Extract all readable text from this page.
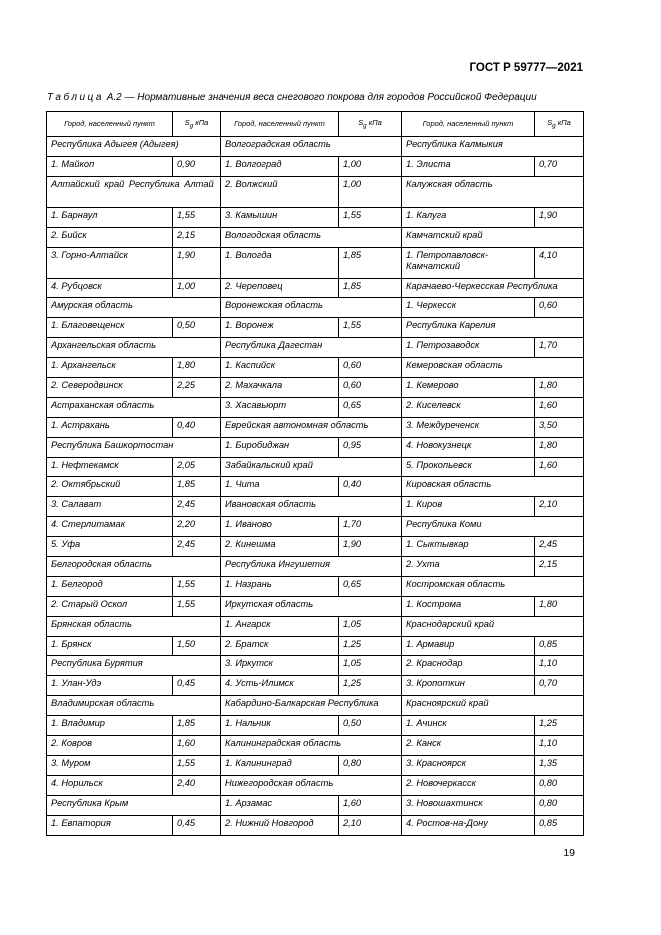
ГОСТ Р 59777—2021
Таблица А.2 — Нормативные значения веса снегового покрова для городов Российской Федерации
Город, населенный пункт	$S_g$ кПа	Город, населенный пункт	$S_g$ кПа	Город, населенный пункт	$S_g$ кПа
Республика Адыгея (Адыгея)		Волгоградская область		Республика Калмыкия	
1. Майкоп	0,90	1. Волгоград	1,00	1. Элиста	0,70
Алтайский край Республика Алтай		2. Волжский	1,00	Калужская область	
1. Барнаул	1,55	3. Камышин	1,55	1. Калуга	1,90
2. Бийск	2,15	Вологодская область		Камчатский край	
3. Горно-Алтайск	1,90	1. Вологда	1,85	1. Петропавловск-Камчатский	4,10
4. Рубцовск	1,00	2. Череповец	1,85	Карачаево-Черкесская Республика	
Амурская область		Воронежская область		1. Черкесск	0,60
1. Благовещенск	0,50	1. Воронеж	1,55	Республика Карелия	
Архангельская область		Республика Дагестан		1. Петрозаводск	1,70
1. Архангельск	1,80	1. Каспийск	0,60	Кемеровская область	
2. Северодвинск	2,25	2. Махачкала	0,60	1. Кемерово	1,80
Астраханская область		3. Хасавьюрт	0,65	2. Киселевск	1,60
1. Астрахань	0,40	Еврейская автономная область		3. Междуреченск	3,50
Республика Башкортостан		1. Биробиджан	0,95	4. Новокузнецк	1,80
1. Нефтекамск	2,05	Забайкальский край		5. Прокопьевск	1,60
2. Октябрьский	1,85	1. Чита	0,40	Кировская область	
3. Салават	2,45	Ивановская область		1. Киров	2,10
4. Стерлитамак	2,20	1. Иваново	1,70	Республика Коми	
5. Уфа	2,45	2. Кинешма	1,90	1. Сыктывкар	2,45
Белгородская область		Республика Ингушетия		2. Ухта	2,15
1. Белгород	1,55	1. Назрань	0,65	Костромская область	
2. Старый Оскол	1,55	Иркутская область		1. Кострома	1,80
Брянская область		1. Ангарск	1,05	Краснодарский край	
1. Брянск	1,50	2. Братск	1,25	1. Армавир	0,85
Республика Бурятия		3. Иркутск	1,05	2. Краснодар	1,10
1. Улан-Удэ	0,45	4. Усть-Илимск	1,25	3. Кропоткин	0,70
Владимирская область		Кабардино-Балкарская Республика		Красноярский край	
1. Владимир	1,85	1. Нальчик	0,50	1. Ачинск	1,25
2. Ковров	1,60	Калининградская область		2. Канск	1,10
3. Муром	1,55	1. Калининград	0,80	3. Красноярск	1,35
4. Норильск	2,40	Нижегородская область		2. Новочеркасск	0,80
Республика Крым		1. Арзамас	1,60	3. Новошахтинск	0,80
1. Евпатория	0,45	2. Нижний Новгород	2,10	4. Ростов-на-Дону	0,85
19
